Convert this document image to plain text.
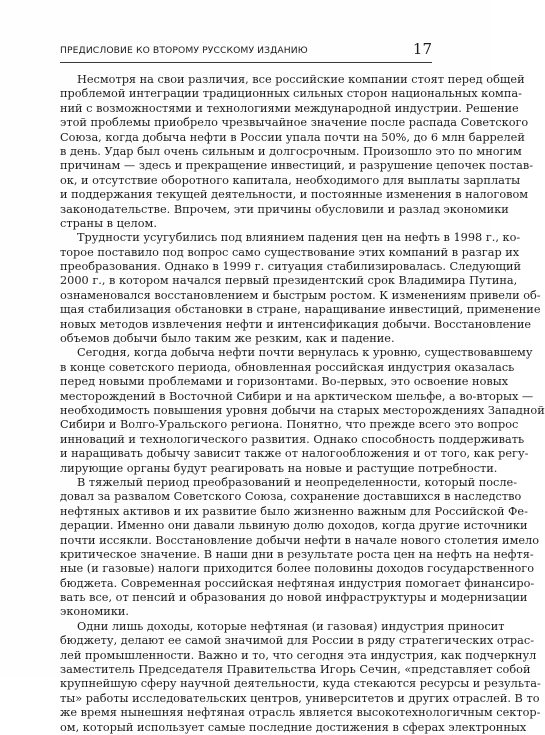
ПРЕДИСЛОВИЕ КО ВТОРОМУ РУССКОМУ ИЗДАНИЮ	17
Несмотря на свои различия, все российские компании стоят перед общей
проблемой интеграции традиционных сильных сторон национальных компа-
ний с возможностями и технологиями международной индустрии. Решение
этой проблемы приобрело чрезвычайное значение после распада Советского
Союза, когда добыча нефти в России упала почти на 50%, до 6 млн баррелей
в день. Удар был очень сильным и долгосрочным. Произошло это по многим
причинам — здесь и прекращение инвестиций, и разрушение цепочек постав-
ок, и отсутствие оборотного капитала, необходимого для выплаты зарплаты
и поддержания текущей деятельности, и постоянные изменения в налоговом
законодательстве. Впрочем, эти причины обусловили и разлад экономики
страны в целом.
Трудности усугубились под влиянием падения цен на нефть в 1998 г., ко-
торое поставило под вопрос само существование этих компаний в разгар их
преобразования. Однако в 1999 г. ситуация стабилизировалась. Следующий
2000 г., в котором начался первый президентский срок Владимира Путина,
ознаменовался восстановлением и быстрым ростом. К изменениям привели об-
щая стабилизация обстановки в стране, наращивание инвестиций, применение
новых методов извлечения нефти и интенсификация добычи. Восстановление
объемов добычи было таким же резким, как и падение.
Сегодня, когда добыча нефти почти вернулась к уровню, существовавшему
в конце советского периода, обновленная российская индустрия оказалась
перед новыми проблемами и горизонтами. Во-первых, это освоение новых
месторождений в Восточной Сибири и на арктическом шельфе, а во-вторых —
необходимость повышения уровня добычи на старых месторождениях Западной
Сибири и Волго-Уральского региона. Понятно, что прежде всего это вопрос
инноваций и технологического развития. Однако способность поддерживать
и наращивать добычу зависит также от налогообложения и от того, как регу-
лирующие органы будут реагировать на новые и растущие потребности.
В тяжелый период преобразований и неопределенности, который после-
довал за развалом Советского Союза, сохранение доставшихся в наследство
нефтяных активов и их развитие было жизненно важным для Российской Фе-
дерации. Именно они давали львиную долю доходов, когда другие источники
почти иссякли. Восстановление добычи нефти в начале нового столетия имело
критическое значение. В наши дни в результате роста цен на нефть на нефтя-
ные (и газовые) налоги приходится более половины доходов государственного
бюджета. Современная российская нефтяная индустрия помогает финансиро-
вать все, от пенсий и образования до новой инфраструктуры и модернизации
экономики.
Одни лишь доходы, которые нефтяная (и газовая) индустрия приносит
бюджету, делают ее самой значимой для России в ряду стратегических отрас-
лей промышленности. Важно и то, что сегодня эта индустрия, как подчеркнул
заместитель Председателя Правительства Игорь Сечин, «представляет собой
крупнейшую сферу научной деятельности, куда стекаются ресурсы и результа-
ты» работы исследовательских центров, университетов и других отраслей. В то
же время нынешняя нефтяная отрасль является высокотехнологичным сектор-
ом, который использует самые последние достижения в сферах электронных
